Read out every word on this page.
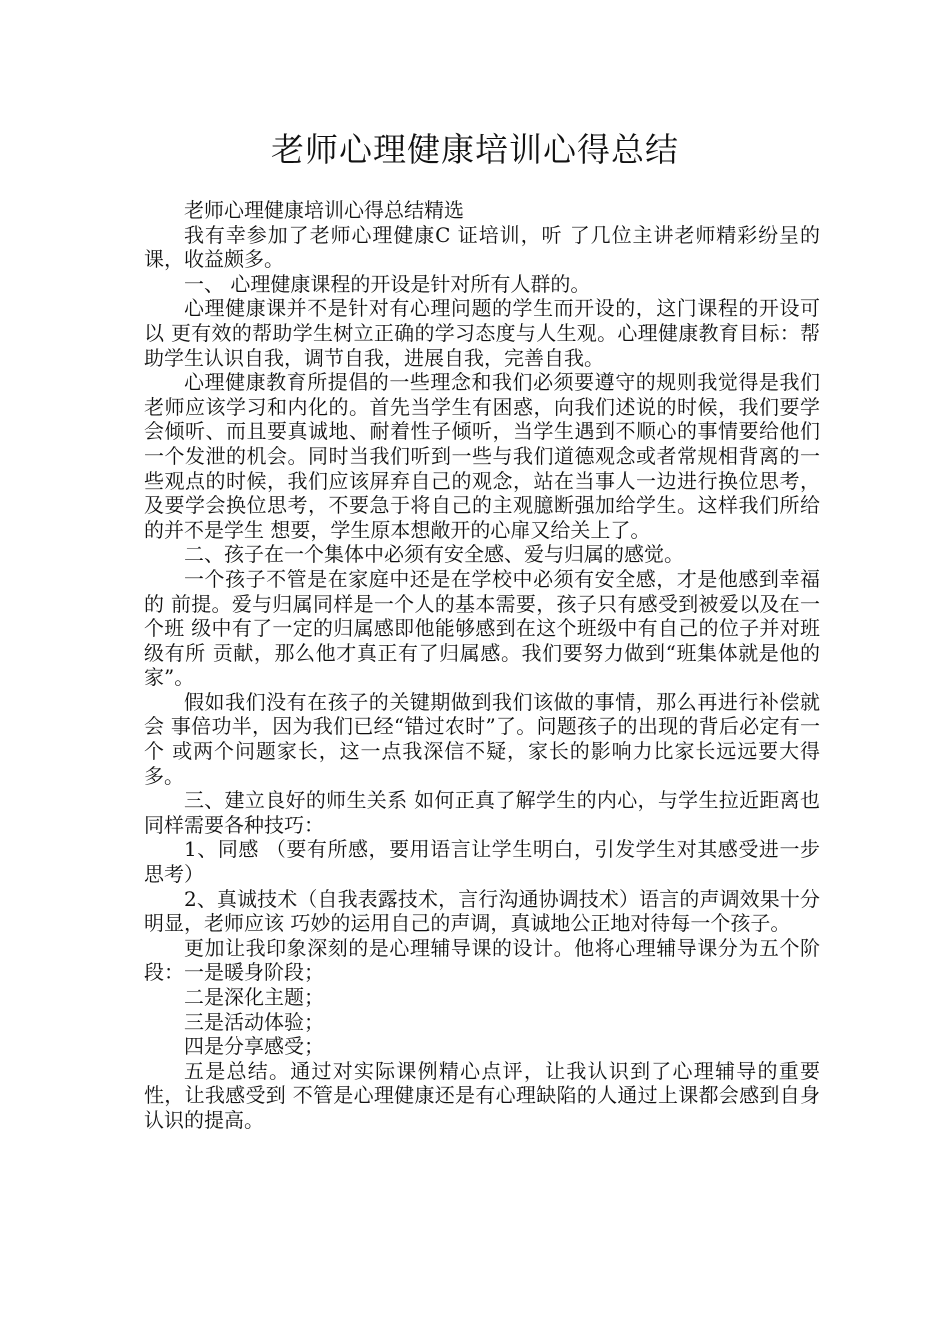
老师心理健康培训心得总结

老师心理健康培训心得总结精选

我有幸参加了老师心理健康C 证培训，听 了几位主讲老师精彩纷呈的课，收益颇多。

一、 心理健康课程的开设是针对所有人群的。

心理健康课并不是针对有心理问题的学生而开设的，这门课程的开设可以 更有效的帮助学生树立正确的学习态度与人生观。心理健康教育目标：帮助学生认识自我，调节自我，进展自我，完善自我。

心理健康教育所提倡的一些理念和我们必须要遵守的规则我觉得是我们老师应该学习和内化的。首先当学生有困惑，向我们述说的时候，我们要学会倾听、而且要真诚地、耐着性子倾听，当学生遇到不顺心的事情要给他们一个发泄的机会。同时当我们听到一些与我们道德观念或者常规相背离的一些观点的时候，我们应该屏弃自己的观念，站在当事人一边进行换位思考，及要学会换位思考，不要急于将自己的主观臆断强加给学生。这样我们所给的并不是学生 想要，学生原本想敞开的心扉又给关上了。

二、孩子在一个集体中必须有安全感、爱与归属的感觉。

一个孩子不管是在家庭中还是在学校中必须有安全感，才是他感到幸福的 前提。爱与归属同样是一个人的基本需要，孩子只有感受到被爱以及在一个班 级中有了一定的归属感即他能够感到在这个班级中有自己的位子并对班级有所 贡献，那么他才真正有了归属感。我们要努力做到“班集体就是他的家”。

假如我们没有在孩子的关键期做到我们该做的事情，那么再进行补偿就会 事倍功半，因为我们已经“错过农时”了。问题孩子的出现的背后必定有一个 或两个问题家长，这一点我深信不疑，家长的影响力比家长远远要大得多。

三、建立良好的师生关系 如何正真了解学生的内心，与学生拉近距离也同样需要各种技巧：

1、同感 （要有所感，要用语言让学生明白，引发学生对其感受进一步思考）

2、真诚技术（自我表露技术，言行沟通协调技术）语言的声调效果十分明显，老师应该 巧妙的运用自己的声调，真诚地公正地对待每一个孩子。

更加让我印象深刻的是心理辅导课的设计。他将心理辅导课分为五个阶 段：一是暖身阶段；

二是深化主题；

三是活动体验；

四是分享感受；

五是总结。通过对实际课例精心点评，让我认识到了心理辅导的重要性，让我感受到 不管是心理健康还是有心理缺陷的人通过上课都会感到自身认识的提高。
